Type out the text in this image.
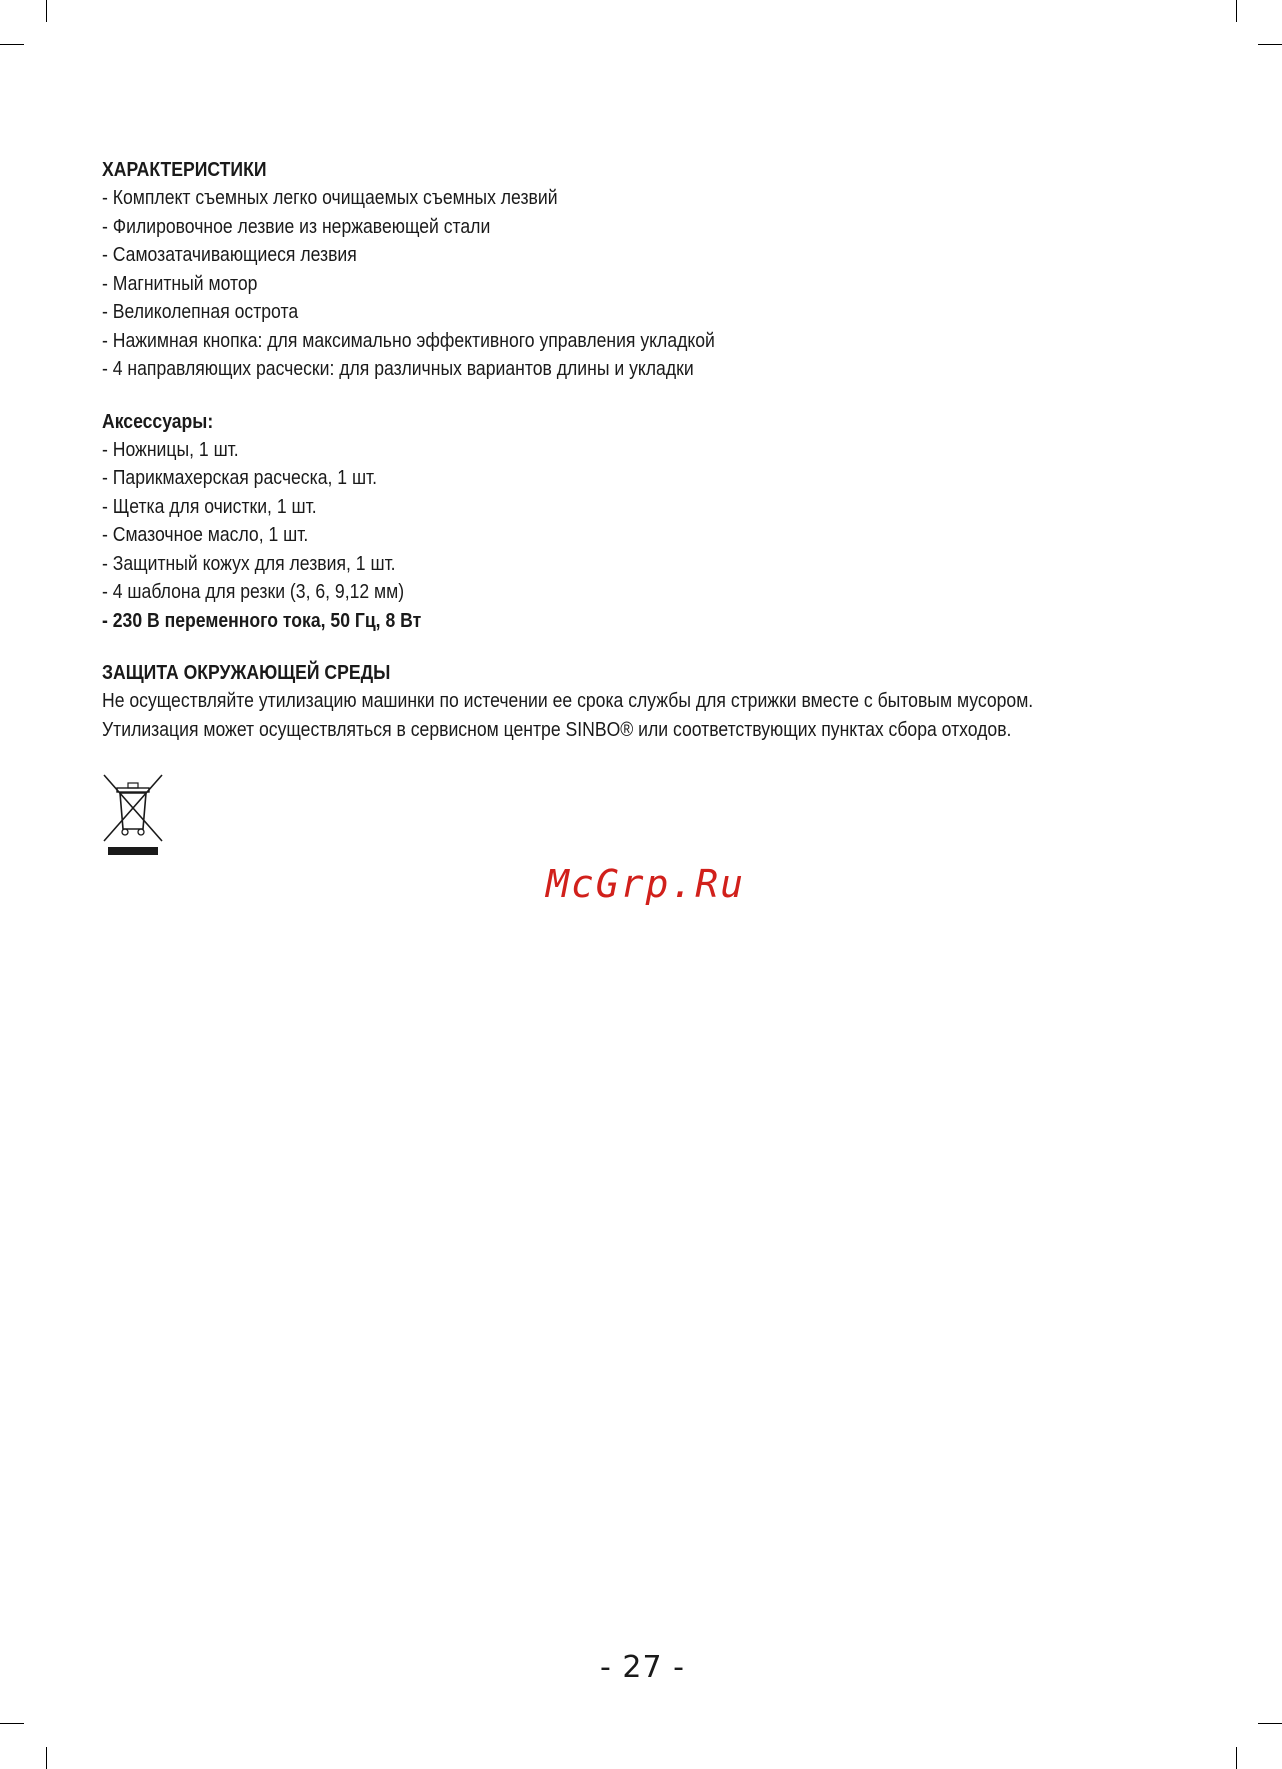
ХАРАКТЕРИСТИКИ
- Комплект съемных легко очищаемых съемных лезвий
- Филировочное лезвие из нержавеющей стали
- Самозатачивающиеся лезвия
- Магнитный мотор
- Великолепная острота
- Нажимная кнопка: для максимально эффективного управления укладкой
- 4 направляющих расчески: для различных вариантов длины и укладки
Аксессуары:
- Ножницы, 1 шт.
- Парикмахерская расческа, 1 шт.
- Щетка для очистки, 1 шт.
- Смазочное масло, 1 шт.
- Защитный кожух для лезвия, 1 шт.
- 4 шаблона для резки (3, 6, 9,12 мм)
- 230 В переменного тока, 50 Гц, 8 Вт
ЗАЩИТА ОКРУЖАЮЩЕЙ СРЕДЫ
Не осуществляйте утилизацию машинки по истечении ее срока службы для стрижки вместе с бытовым мусором.
Утилизация может осуществляться в сервисном центре SINBO® или соответствующих пунктах сбора отходов.
McGrp.Ru
- 27 -
